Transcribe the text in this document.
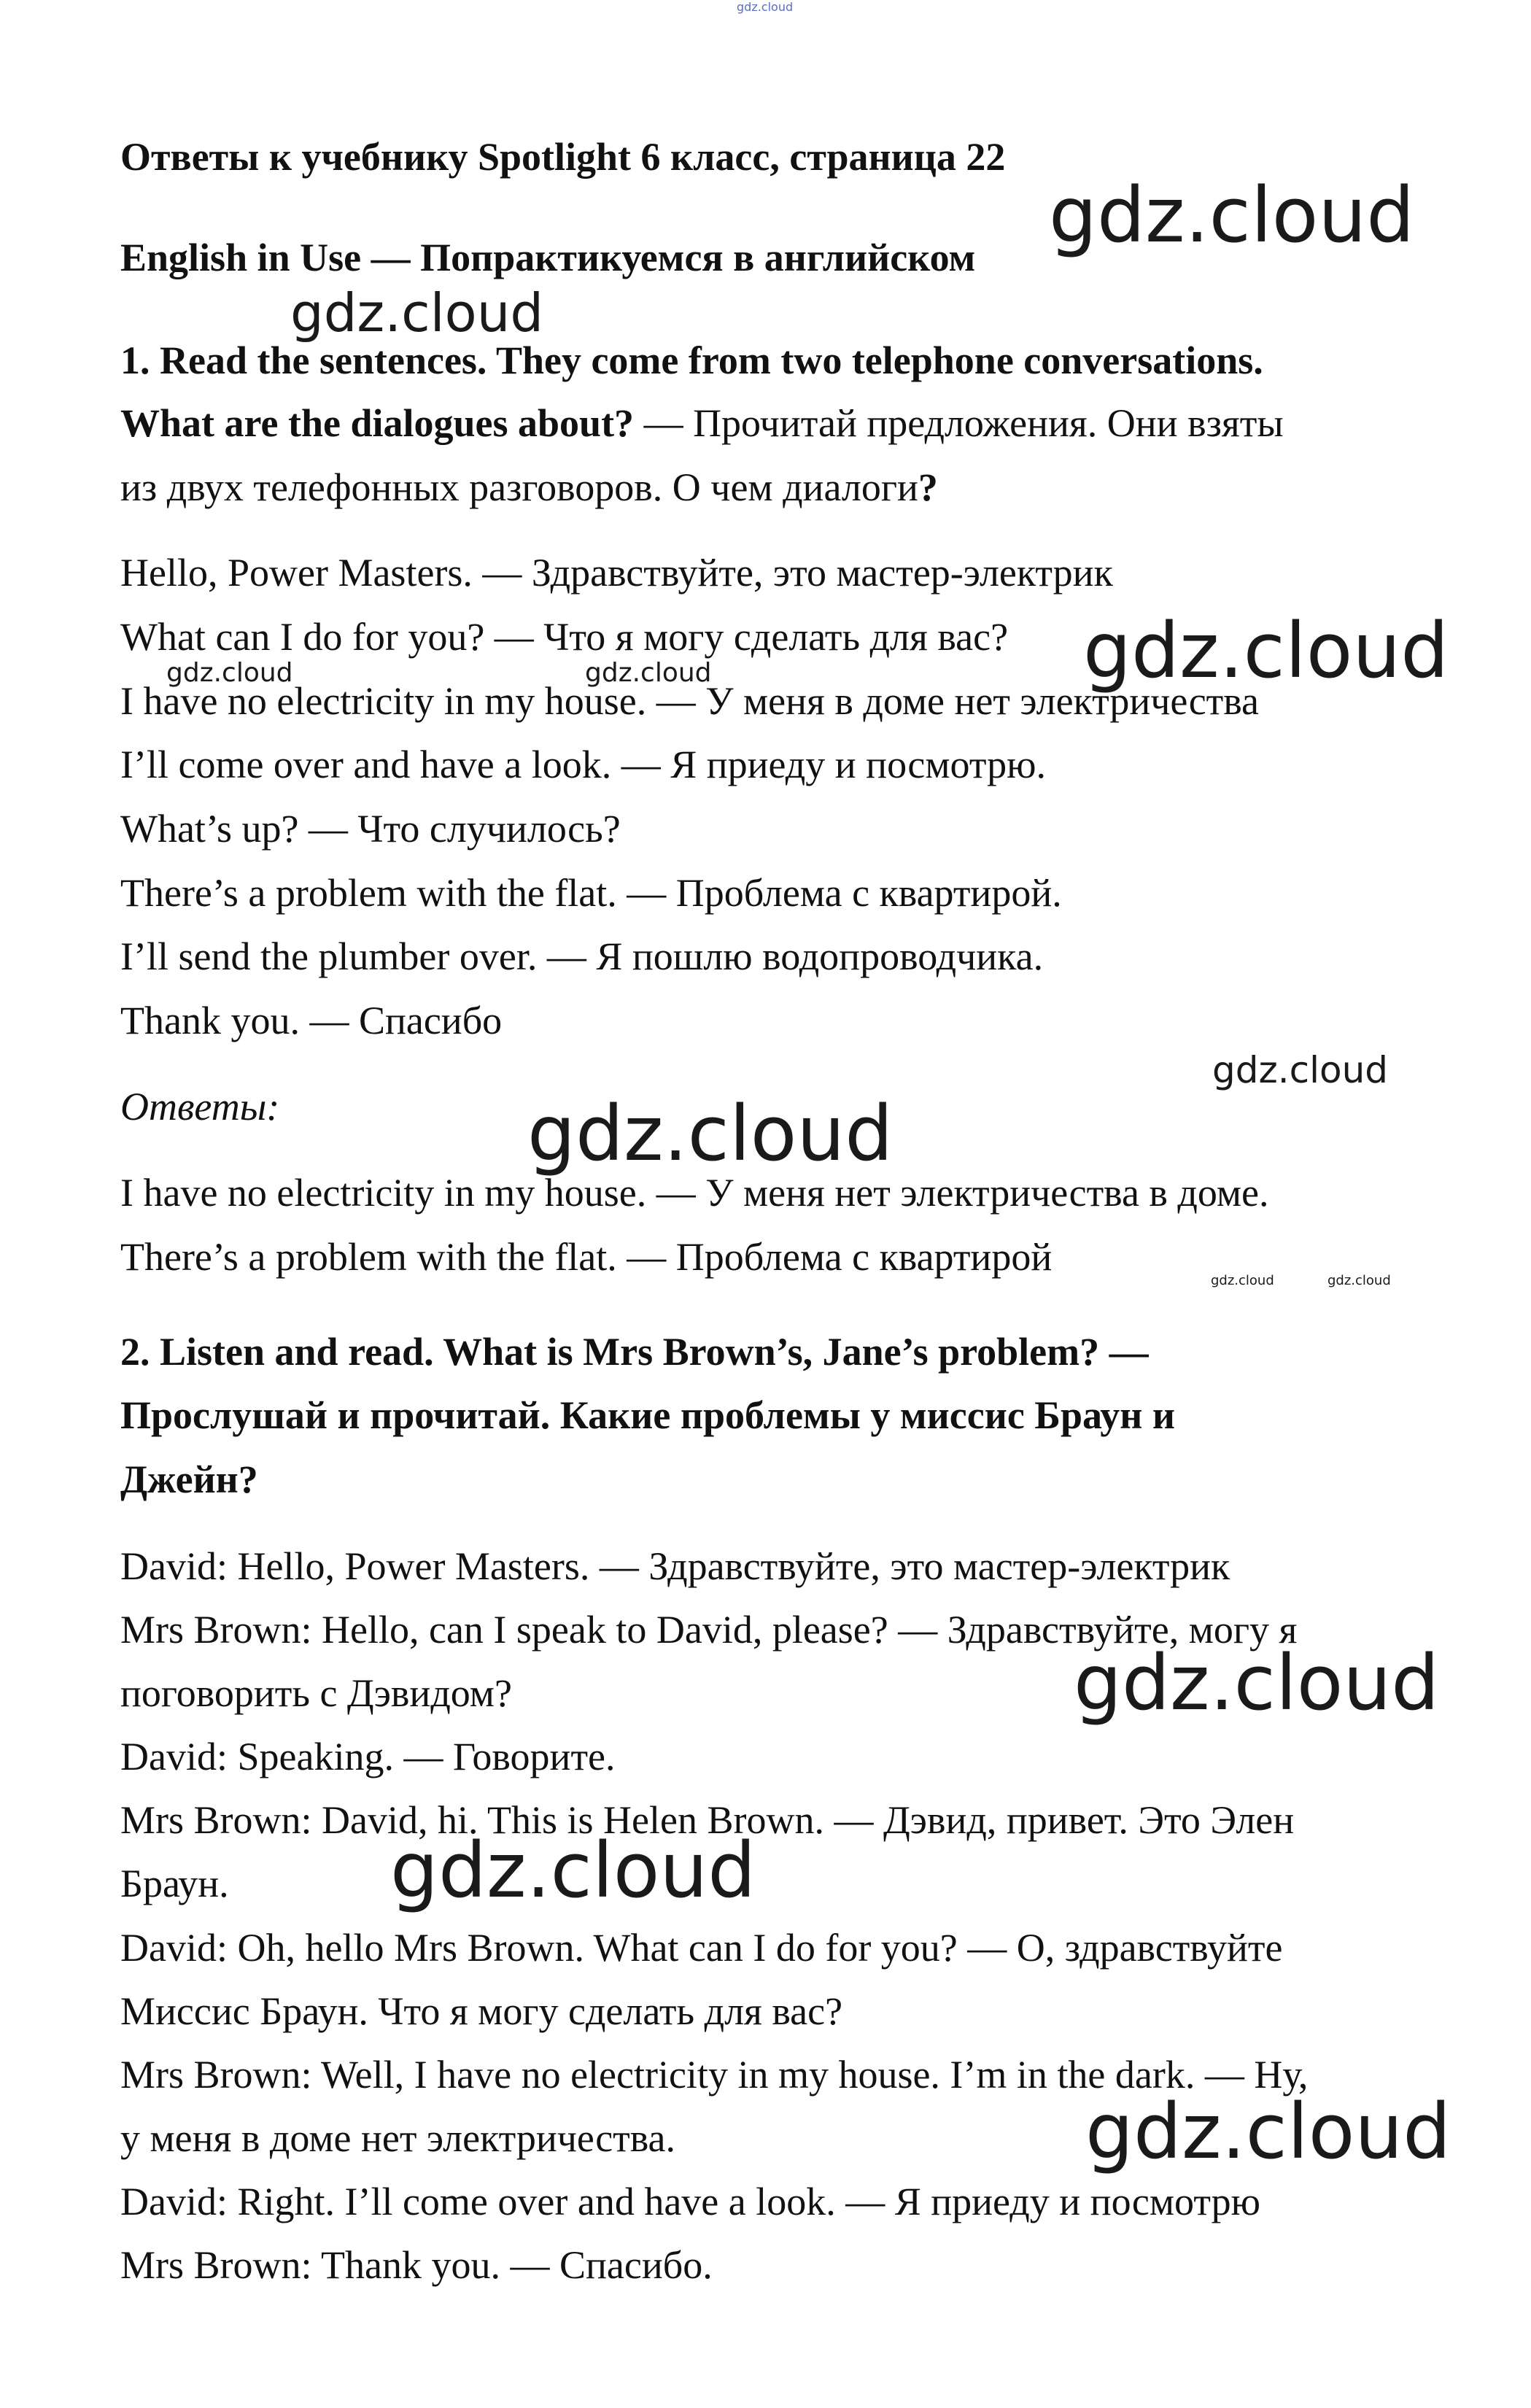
gdz.cloud
Ответы к учебнику Spotlight 6 класс, страница 22
English in Use — Попрактикуемся в английском
1. Read the sentences. They come from two telephone conversations.
What are the dialogues about? — Прочитай предложения. Они взяты
из двух телефонных разговоров. О чем диалоги?
Hello, Power Masters. — Здравствуйте, это мастер-электрик
What can I do for you? — Что я могу сделать для вас?
I have no electricity in my house. — У меня в доме нет электричества
I’ll come over and have a look. — Я приеду и посмотрю.
What’s up? — Что случилось?
There’s a problem with the flat. — Проблема с квартирой.
I’ll send the plumber over. — Я пошлю водопроводчика.
Thank you. — Спасибо
Ответы:
I have no electricity in my house. — У меня нет электричества в доме.
There’s a problem with the flat. — Проблема с квартирой
2. Listen and read. What is Mrs Brown’s, Jane’s problem? —
Прослушай и прочитай. Какие проблемы у миссис Браун и
Джейн?
David: Hello, Power Masters. — Здравствуйте, это мастер-электрик
Mrs Brown: Hello, can I speak to David, please? — Здравствуйте, могу я
поговорить с Дэвидом?
David: Speaking. — Говорите.
Mrs Brown: David, hi. This is Helen Brown. — Дэвид, привет. Это Элен
Браун.
David: Oh, hello Mrs Brown. What can I do for you? — О, здравствуйте
Миссис Браун. Что я могу сделать для вас?
Mrs Brown: Well, I have no electricity in my house. I’m in the dark. — Ну,
у меня в доме нет электричества.
David: Right. I’ll come over and have a look. — Я приеду и посмотрю
Mrs Brown: Thank you. — Спасибо.
gdz.cloud
gdz.cloud
gdz.cloud
gdz.cloud	gdz.cloud
gdz.cloud
gdz.cloud
gdz.cloud	gdz.cloud
gdz.cloud
gdz.cloud
gdz.cloud
